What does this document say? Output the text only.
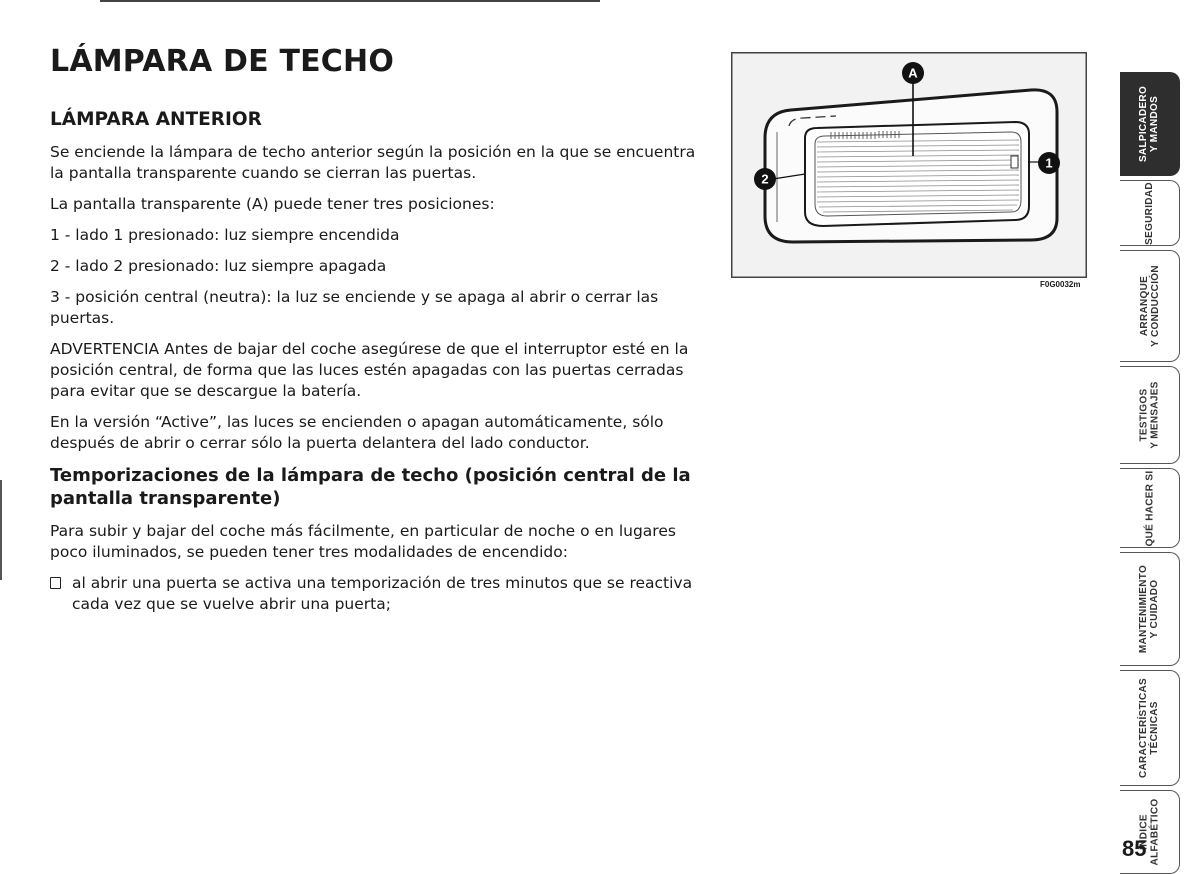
LÁMPARA DE TECHO
LÁMPARA ANTERIOR

Se enciende la lámpara de techo anterior según la posición en la que se encuentra la pantalla transparente cuando se cierran las puertas.

La pantalla transparente (A) puede tener tres posiciones:

1 - lado 1 presionado: luz siempre encendida

2 - lado 2 presionado: luz siempre apagada

3 - posición central (neutra): la luz se enciende y se apaga al abrir o cerrar las puertas.

ADVERTENCIA Antes de bajar del coche asegúrese de que el interruptor esté en la posición central, de forma que las luces estén apagadas con las puertas cerradas para evitar que se descargue la batería.

En la versión “Active”, las luces se encienden o apagan automáticamente, sólo después de abrir o cerrar sólo la puerta delantera del lado conductor.

Temporizaciones de la lámpara de techo (posición central de la pantalla transparente)

Para subir y bajar del coche más fácilmente, en particular de noche o en lugares poco iluminados, se pueden tener tres modalidades de encendido:

al abrir una puerta se activa una temporización de tres minutos que se reactiva cada vez que se vuelve abrir una puerta;

A
1
2
F0G0032m
SALPICADERO Y MANDOS
SEGURIDAD
ARRANQUE Y CONDUCCIÓN
TESTIGOS Y MENSAJES
QUÉ HACER SI
MANTENIMIENTO Y CUIDADO
CARACTERÍSTICAS TÉCNICAS
ÍNDICE ALFABÉTICO
85
